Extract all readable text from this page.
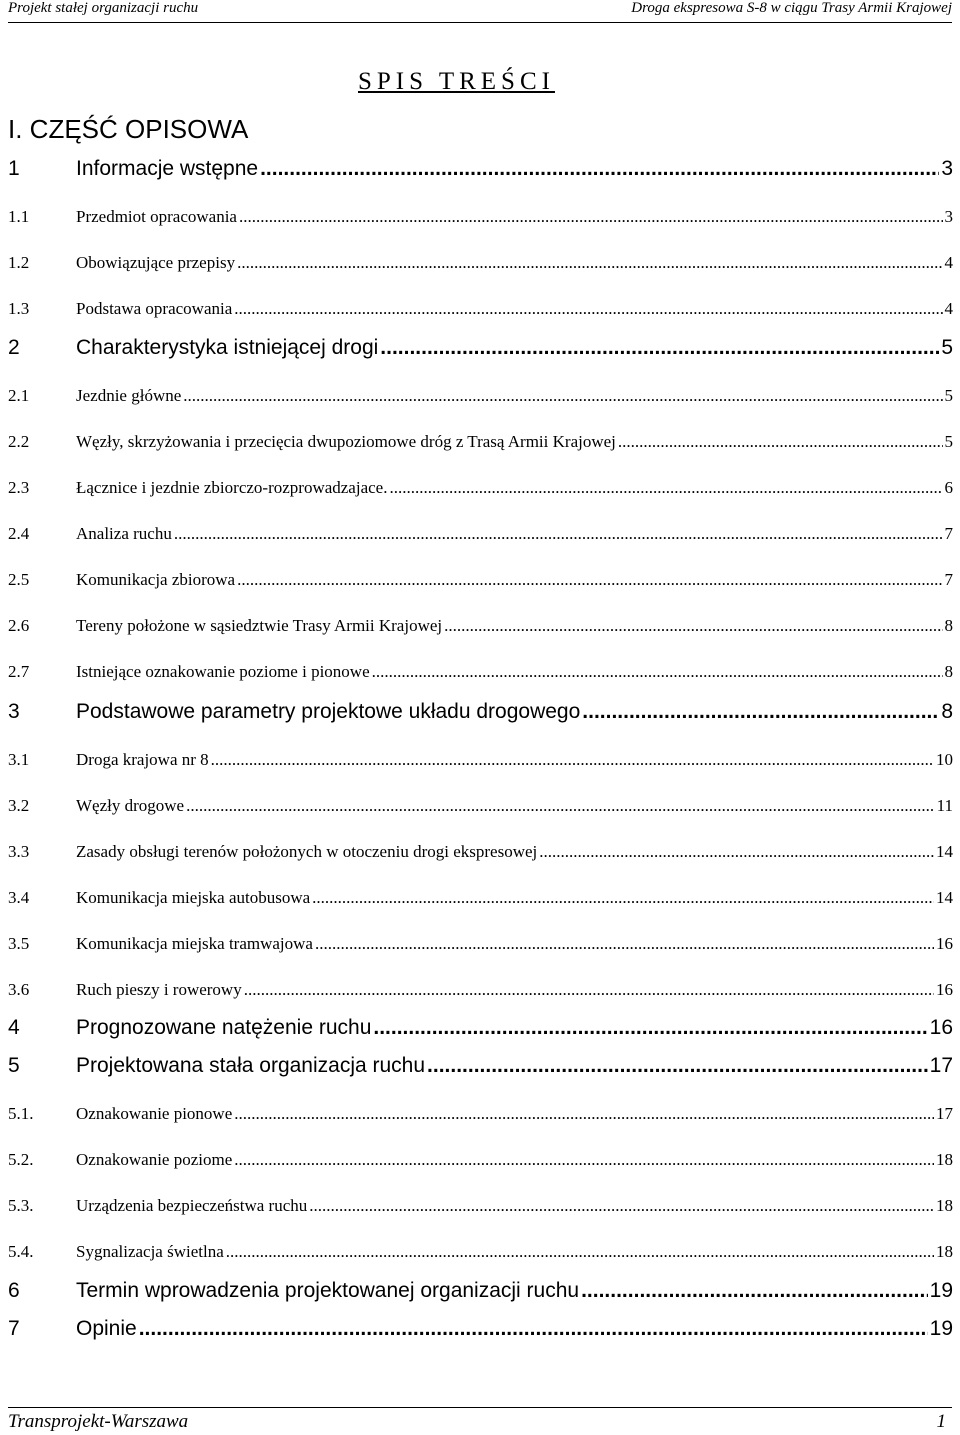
Projekt stałej organizacji ruchu	Droga ekspresowa S-8 w ciągu Trasy Armii Krajowej
SPIS TREŚCI
I. CZĘŚĆ OPISOWA
1	Informacje wstępne .....	3
1.1	Przedmiot opracowania .....	3
1.2	Obowiązujące przepisy .....	4
1.3	Podstawa opracowania .....	4
2	Charakterystyka istniejącej drogi .....	5
2.1	Jezdnie główne .....	5
2.2	Węzły, skrzyżowania i przecięcia dwupoziomowe dróg z Trasą Armii Krajowej .....	5
2.3	Łącznice i jezdnie zbiorczo-rozprowadzajace. .....	6
2.4	Analiza ruchu .....	7
2.5	Komunikacja zbiorowa .....	7
2.6	Tereny położone w sąsiedztwie Trasy Armii Krajowej .....	8
2.7	Istniejące oznakowanie poziome i pionowe .....	8
3	Podstawowe parametry projektowe układu drogowego .....	8
3.1	Droga krajowa nr 8 .....	10
3.2	Węzły drogowe .....	11
3.3	Zasady obsługi terenów położonych w otoczeniu drogi ekspresowej .....	14
3.4	Komunikacja miejska autobusowa .....	14
3.5	Komunikacja miejska tramwajowa .....	16
3.6	Ruch pieszy i rowerowy .....	16
4	Prognozowane natężenie ruchu .....	16
5	Projektowana stała organizacja ruchu .....	17
5.1.	Oznakowanie pionowe .....	17
5.2.	Oznakowanie poziome .....	18
5.3.	Urządzenia bezpieczeństwa ruchu .....	18
5.4.	Sygnalizacja świetlna .....	18
6	Termin wprowadzenia projektowanej organizacji ruchu .....	19
7	Opinie .....	19
Transprojekt-Warszawa	1
